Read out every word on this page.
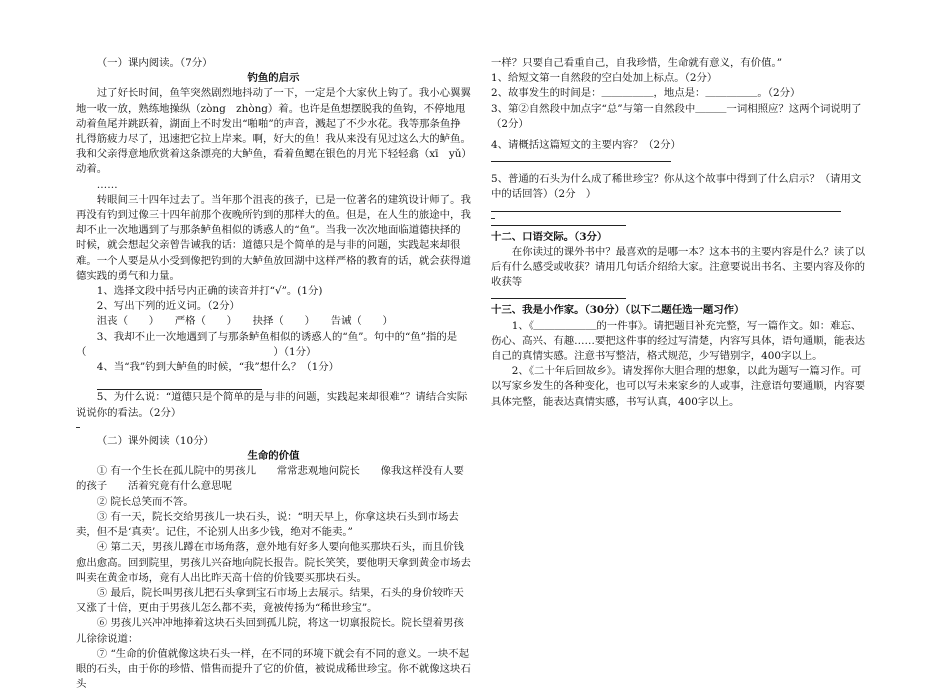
（一）课内阅读。（7分）

钓鱼的启示

过了好长时间，鱼竿突然剧烈地抖动了一下，一定是个大家伙上钩了。我小心翼翼地一收一放，熟练地操纵（zòng　zhòng）着。也许是鱼想摆脱我的鱼钩，不停地甩动着鱼尾并跳跃着，湖面上不时发出“啪啪”的声音，溅起了不少水花。我等那条鱼挣扎得筋疲力尽了，迅速把它拉上岸来。啊，好大的鱼！我从来没有见过这么大的鲈鱼。我和父亲得意地欣赏着这条漂亮的大鲈鱼，看着鱼鳃在银色的月光下轻轻翕（xī　yǔ）动着。

……

转眼间三十四年过去了。当年那个沮丧的孩子，已是一位著名的建筑设计师了。我再没有钓到过像三十四年前那个夜晚所钓到的那样大的鱼。但是，在人生的旅途中，我却不止一次地遇到了与那条鲈鱼相似的诱惑人的“鱼”。当我一次次地面临道德抉择的时候，就会想起父亲曾告诫我的话：道德只是个简单的是与非的问题，实践起来却很难。一个人要是从小受到像把钓到的大鲈鱼放回湖中这样严格的教育的话，就会获得道德实践的勇气和力量。

1、选择文段中括号内正确的读音并打“√”。(1分)

2、写出下列的近义词。（2分）

沮丧（　　）　　严格（　　）　　抉择（　　）　　告诫（　　）

3、我却不止一次地遇到了与那条鲈鱼相似的诱惑人的“鱼”。句中的“鱼”指的是

（　　　　　　　　　　　　　　　　　　）（1分）

4、当“我”钓到大鲈鱼的时候，“我”想什么？（1分）

5、为什么说：“道德只是个简单的是与非的问题，实践起来却很难”？请结合实际说说你的看法。（2分）

（二）课外阅读（10分）

生命的价值

① 有一个生长在孤儿院中的男孩儿　　常常悲观地问院长　　像我这样没有人要的孩子　　活着究竟有什么意思呢

② 院长总笑而不答。

③ 有一天，院长交给男孩儿一块石头，说：“明天早上，你拿这块石头到市场去卖，但不是‘真卖’。记住，不论别人出多少钱，绝对不能卖。”

④ 第二天，男孩儿蹲在市场角落，意外地有好多人要向他买那块石头，而且价钱愈出愈高。回到院里，男孩儿兴奋地向院长报告。院长笑笑，要他明天拿到黄金市场去叫卖在黄金市场，竟有人出比昨天高十倍的价钱要买那块石头。

⑤ 最后，院长叫男孩儿把石头拿到宝石市场上去展示。结果，石头的身价较昨天又涨了十倍，更由于男孩儿怎么都不卖，竟被传扬为“稀世珍宝”。

⑥ 男孩儿兴冲冲地捧着这块石头回到孤儿院，将这一切禀报院长。院长望着男孩儿徐徐说道：

⑦ “生命的价值就像这块石头一样，在不同的环境下就会有不同的意义。一块不起眼的石头，由于你的珍惜、惜售而提升了它的价值，被说成稀世珍宝。你不就像这块石头

一样？只要自己看重自己，自我珍惜，生命就有意义，有价值。”

1、给短文第一自然段的空白处加上标点。（2分）

2、故事发生的时间是：＿＿＿＿＿，地点是：＿＿＿＿＿。（2分）

3、第②自然段中加点字“总”与第一自然段中＿＿＿一词相照应？这两个词说明了

（2分）

4、请概括这篇短文的主要内容？（2分）

5、普通的石头为什么成了稀世珍宝？你从这个故事中得到了什么启示？（请用文中的话回答）（2分　）

十二、口语交际。（3分）

在你读过的课外书中？最喜欢的是哪一本？这本书的主要内容是什么？读了以后有什么感受或收获？请用几句话介绍给大家。注意要说出书名、主要内容及你的收获等

十三、我是小作家。（30分）（以下二题任选一题习作）

1、《＿＿＿＿＿＿的一件事》。请把题目补充完整，写一篇作文。如：难忘、伤心、高兴、有趣……要把这件事的经过写清楚，内容写具体，语句通顺，能表达自己的真情实感。注意书写整洁，格式规范，少写错别字，400字以上。

2、《二十年后回故乡》。请发挥你大胆合理的想象，以此为题写一篇习作。可以写家乡发生的各种变化，也可以写未来家乡的人或事，注意语句要通顺，内容要具体完整，能表达真情实感，书写认真，400字以上。
